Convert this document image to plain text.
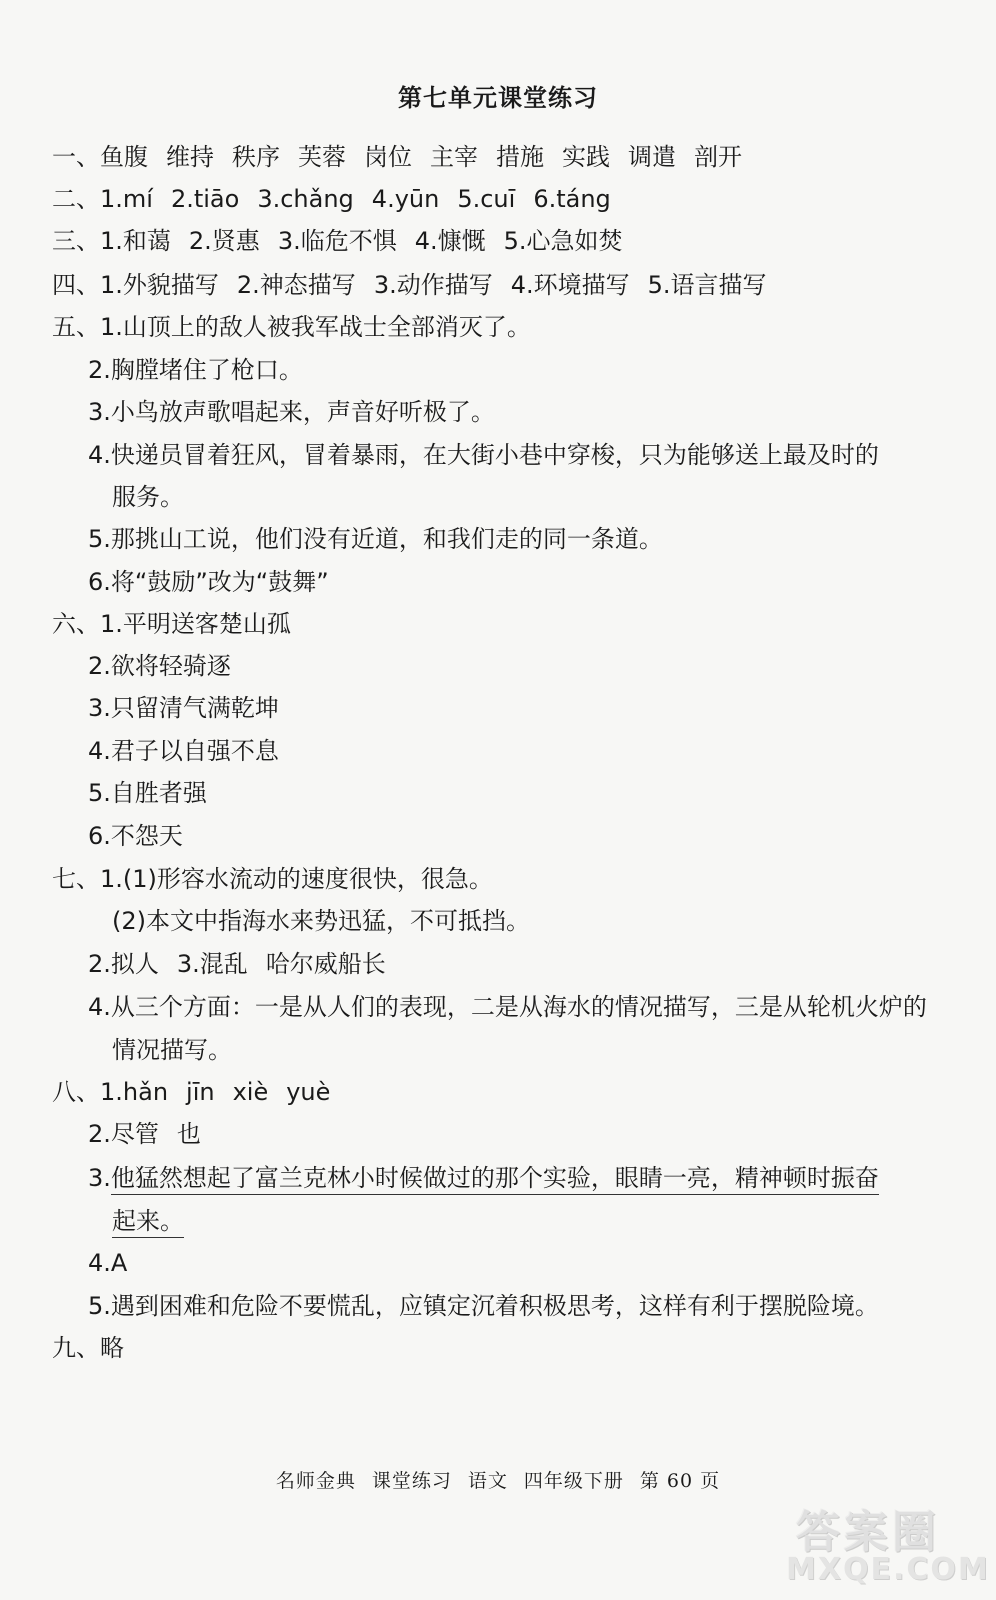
第七单元课堂练习
一、鱼腹 维持 秩序 芙蓉 岗位 主宰 措施 实践 调遣 剖开
二、1.mí 2.tiāo 3.chǎng 4.yūn 5.cuī 6.táng
三、1.和蔼 2.贤惠 3.临危不惧 4.慷慨 5.心急如焚
四、1.外貌描写 2.神态描写 3.动作描写 4.环境描写 5.语言描写
五、1.山顶上的敌人被我军战士全部消灭了。
2.胸膛堵住了枪口。
3.小鸟放声歌唱起来，声音好听极了。
4.快递员冒着狂风，冒着暴雨，在大街小巷中穿梭，只为能够送上最及时的
服务。
5.那挑山工说，他们没有近道，和我们走的同一条道。
6.将“鼓励”改为“鼓舞”
六、1.平明送客楚山孤
2.欲将轻骑逐
3.只留清气满乾坤
4.君子以自强不息
5.自胜者强
6.不怨天
七、1.(1)形容水流动的速度很快，很急。
(2)本文中指海水来势迅猛，不可抵挡。
2.拟人 3.混乱 哈尔威船长
4.从三个方面：一是从人们的表现，二是从海水的情况描写，三是从轮机火炉的
情况描写。
八、1.hǎn jīn xiè yuè
2.尽管 也
3.他猛然想起了富兰克林小时候做过的那个实验，眼睛一亮，精神顿时振奋
起来。
4.A
5.遇到困难和危险不要慌乱，应镇定沉着积极思考，这样有利于摆脱险境。
九、略
名师金典 课堂练习 语文 四年级下册 第 60 页
答案圈
MXQE.COM
